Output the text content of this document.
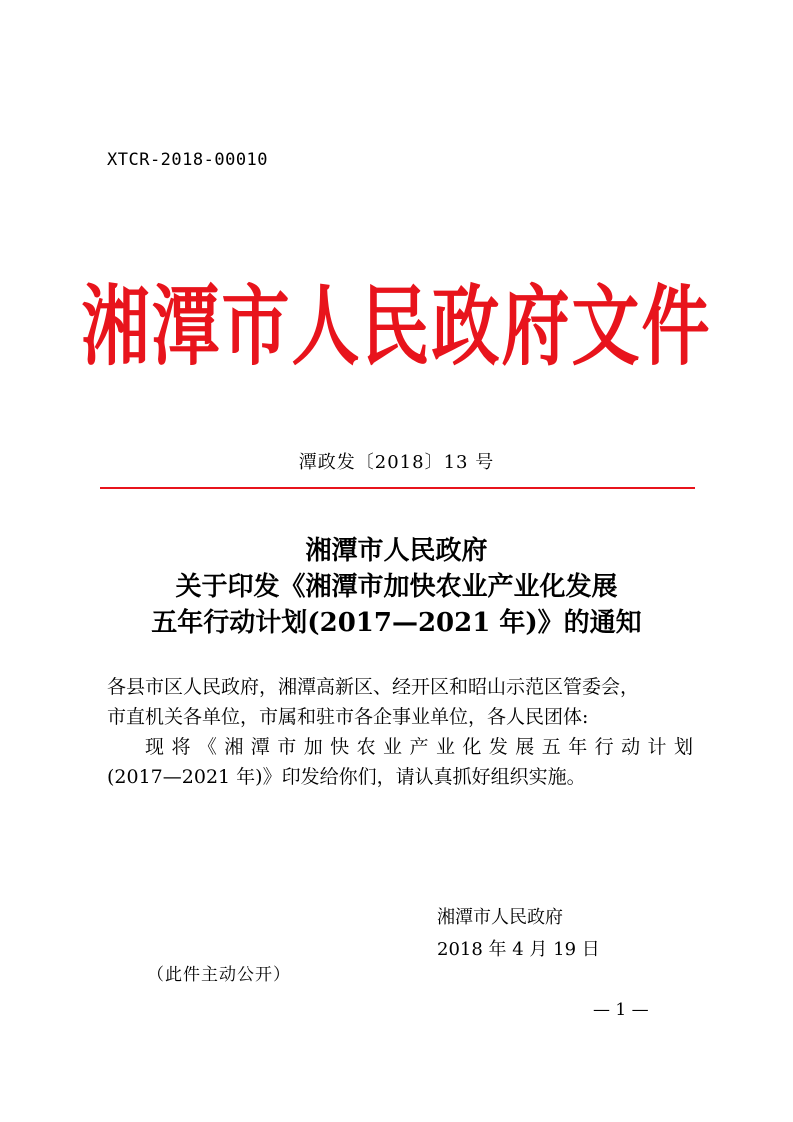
XTCR-2018-00010
湘潭市人民政府文件
潭政发〔2018〕13 号
湘潭市人民政府
关于印发《湘潭市加快农业产业化发展
五年行动计划(2017—2021 年)》的通知
各县市区人民政府，湘潭高新区、经开区和昭山示范区管委会，
市直机关各单位，市属和驻市各企事业单位，各人民团体:
现将《湘潭市加快农业产业化发展五年行动计划
(2017—2021 年)》印发给你们，请认真抓好组织实施。
湘潭市人民政府
2018 年 4 月 19 日
（此件主动公开）
— 1 —
